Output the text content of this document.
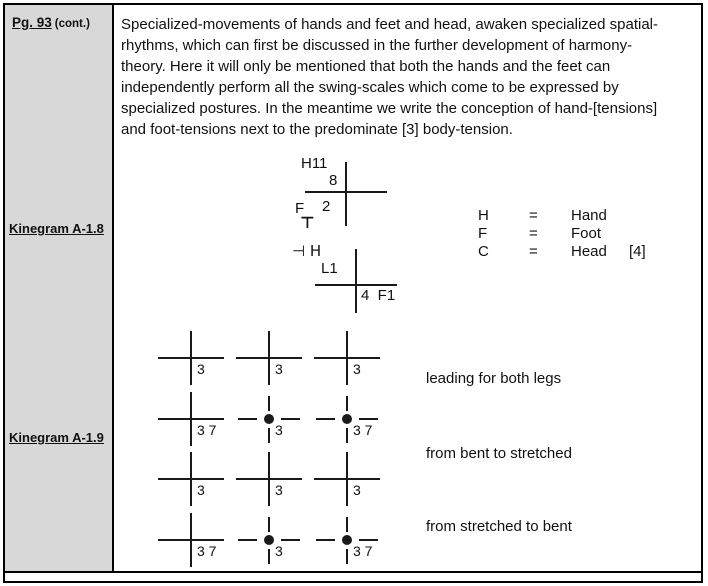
Pg. 93 (cont.)
Kinegram A-1.8
Kinegram A-1.9
Specialized-movements of hands and feet and head, awaken specialized spatial-
rhythms, which can first be discussed in the further development of harmony-
theory. Here it will only be mentioned that both the hands and the feet can
independently perform all the swing-scales which come to be expressed by
specialized postures. In the meantime we write the conception of hand-[tensions]
and foot-tensions next to the predominate [3] body-tension.
H11
8
F
⊤
2
⊣ H
L1
4  F1
H	= Hand
F	= Foot
C	= Head [4]
3	3	3
3 7	3	3 7
3	3	3
3 7	3	3 7
leading for both legs
from bent to stretched
from stretched to bent
